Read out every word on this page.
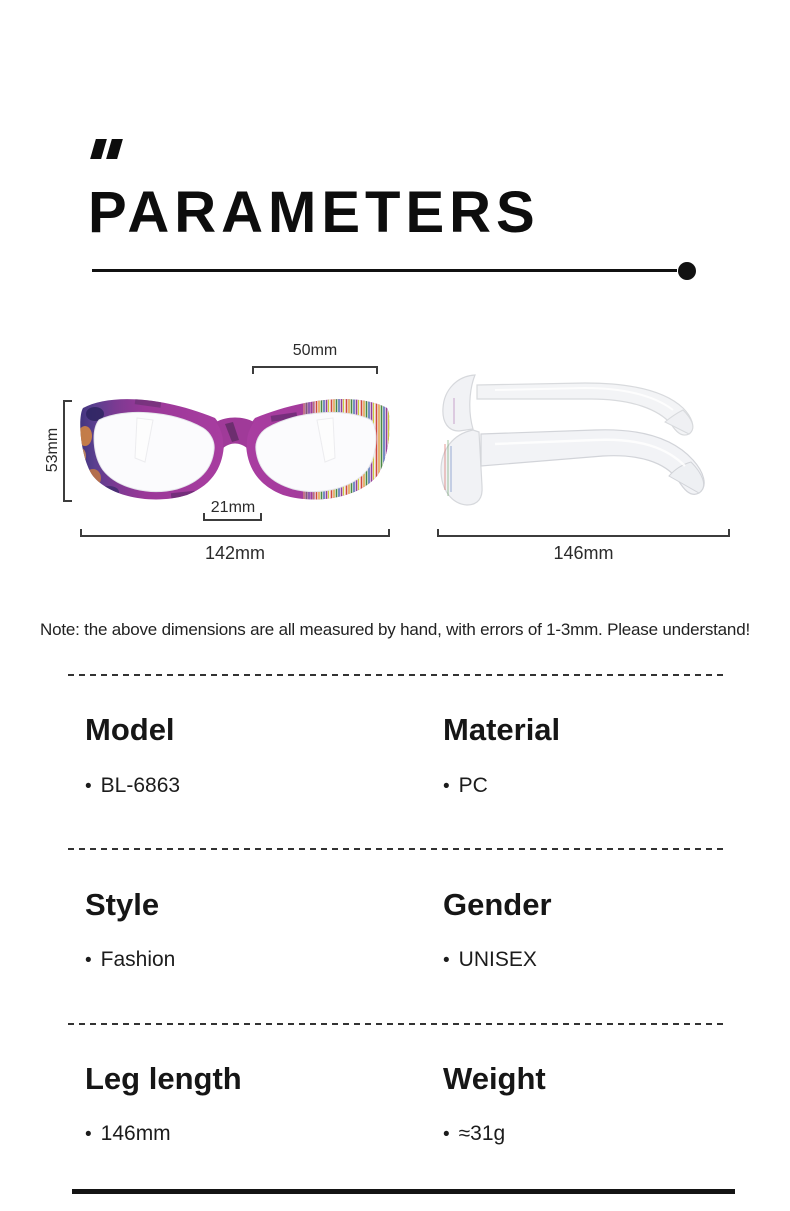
PARAMETERS
50mm
53mm
21mm
142mm	146mm
Note: the above dimensions are all measured by hand, with errors of 1-3mm. Please understand!
Model	Material
• BL-6863	• PC
Style	Gender
• Fashion	• UNISEX
Leg length	Weight
• 146mm	• ≈31g
